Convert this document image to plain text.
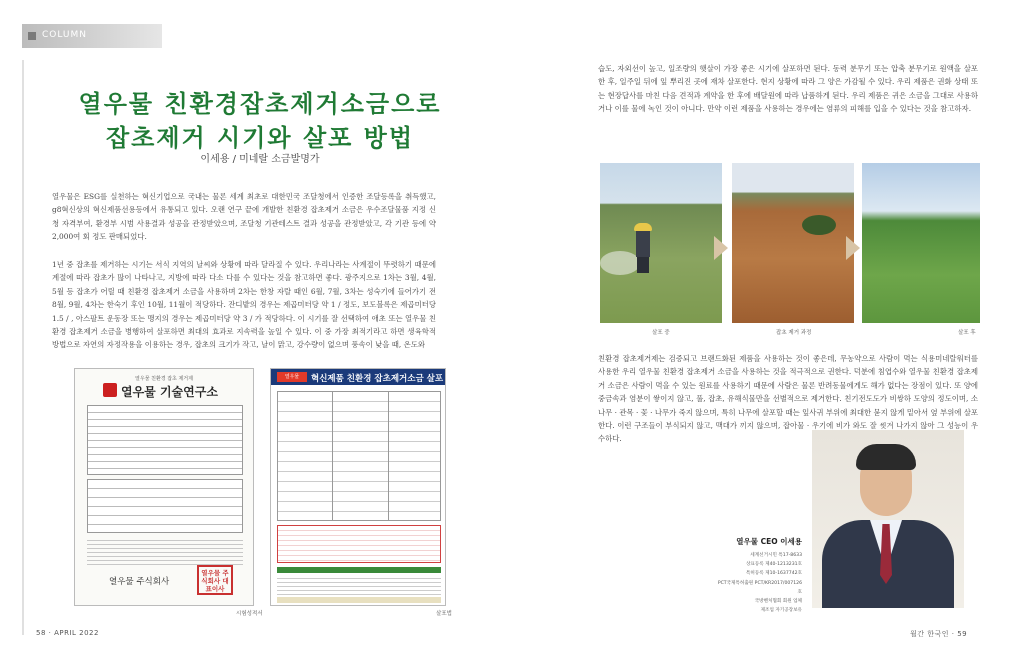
COLUMN
열우물 친환경잡초제거소금으로
잡초제거 시기와 살포 방법
이세용 / 미네랄 소금발명가
열우물은 ESG를 실천하는 혁신기업으로 국내는 물론 세계 최초로 대한민국 조달청에서 인증한 조달등록을 취득했고, g8혁신상의 혁신제품선용등에서 유통되고 있다. 오랜 연구 끝에 개발한 친환경 잡초제거 소금은 우수조달물품 지정 신청 자격부여, 환경부 시범 사용결과 성공을 관정받았으며, 조달청 기관테스트 결과 성공을 관정받았고, 각 기관 등에 약 2,000여 회 정도 판매되었다.
1년 중 잡초를 제거하는 시기는 서식 지역의 날씨와 상황에 따라 달라질 수 있다. 우리나라는 사계절이 뚜렷하기 때문에 계절에 따라 잡초가 많이 나타나고, 지방에 따라 다소 다를 수 있다는 것을 참고하면 좋다. 광주지으로 1차는 3월, 4월, 5월 등 잡초가 어릴 때 친환경 잡초제거 소금을 사용하며 2차는 한창 자랄 때인 6월, 7월, 3차는 성숙기에 들어가기 전 8월, 9월, 4차는 한숙기 후인 10월, 11월이 적당하다. 잔디밭의 경우는 제곱미터당 약 1 / 정도, 보도블록은 제곱미터당 1.5 / , 아스팔트 운동장 또는 맹지의 경우는 제곱미터당 약 3 / 가 적당하다. 이 시기를 잘 선택하여 애초 또는 열우물 친환경 잡초제거 소금을 병행하여 살포하면 최대의 효과로 지속력을 높일 수 있다. 이 중 가장 최적기라고 하면 생육학적 방법으로 자연의 자정작용을 이용하는 경우, 잡초의 크기가 작고, 날이 맑고, 강수량이 없으며 풍속이 낮을 때, 온도와
습도, 자외선이 높고, 일조량의 햇살이 가장 좋은 시기에 살포하면 된다. 동력 분무기 또는 압축 분무기로 원액을 살포한 후, 일주일 뒤에 잎 뿌리진 곳에 재차 살포한다. 현지 상황에 따라 그 양은 가감될 수 있다. 우리 제품은 권화 상태 또는 현장답사를 마친 다음 견적과 계약을 한 후에 배달원에 따라 납품하게 된다. 우리 제품은 귀은 소금을 그대로 사용하거나 이를 물에 녹인 것이 아니다. 만약 이런 제품을 사용하는 경우에는 염류의 피해를 입을 수 있다는 것을 참고하자.
살포 중	잡초 제거 과정	살포 후
친환경 잡초제거제는 검증되고 브랜드화된 제품을 사용하는 것이 좋은데, 무농약으로 사람이 먹는 식용미네랄워터를 사용한 우리 열우물 친환경 잡초제거 소금을 사용하는 것을 적극적으로 권한다. 덕분에 침엽수와 열우물 친환경 잡초제거 소금은 사람이 먹을 수 있는 원료를 사용하기 때문에 사람은 물론 반려동물에게도 해가 없다는 장점이 있다. 또 양에 중금속과 염분이 쌓이지 않고, 풀, 잡초, 유해식물만을 선별적으로 제거한다. 친기전도도가 비쌍하 도양의 정도이며, 소나무 · 관목 · 꽃 · 나무가 죽지 않으며, 특히 나무에 살포할 때는 잎사귀 부위에 최대한 묻지 않게 밑아서 옆 부위에 살포한다. 이런 구조들이 부식되지 않고, 맥대가 끼지 않으며, 잡아물 · 우기에 비가 와도 잘 씻겨 나가지 않아 그 성능이 우수하다.
열우물 친환경 잡초 제거제
열우물 기술연구소
열우물 주식회사
열우물 주식회사 대표이사
시험성적서
열우물	혁신제품 친환경 잡초제거소금 살포
살포법
열우물 CEO 이세용
세계선거시민 특17-8633
상표등록 제40-1213231호
특허등록 제10-1637742호
PCT국제특허출원 PCT/KR2017/007126호
국방벤처협회 회원 업체
제조업 자기공장보유
58 · APRIL 2022	월간 한국인 · 59
